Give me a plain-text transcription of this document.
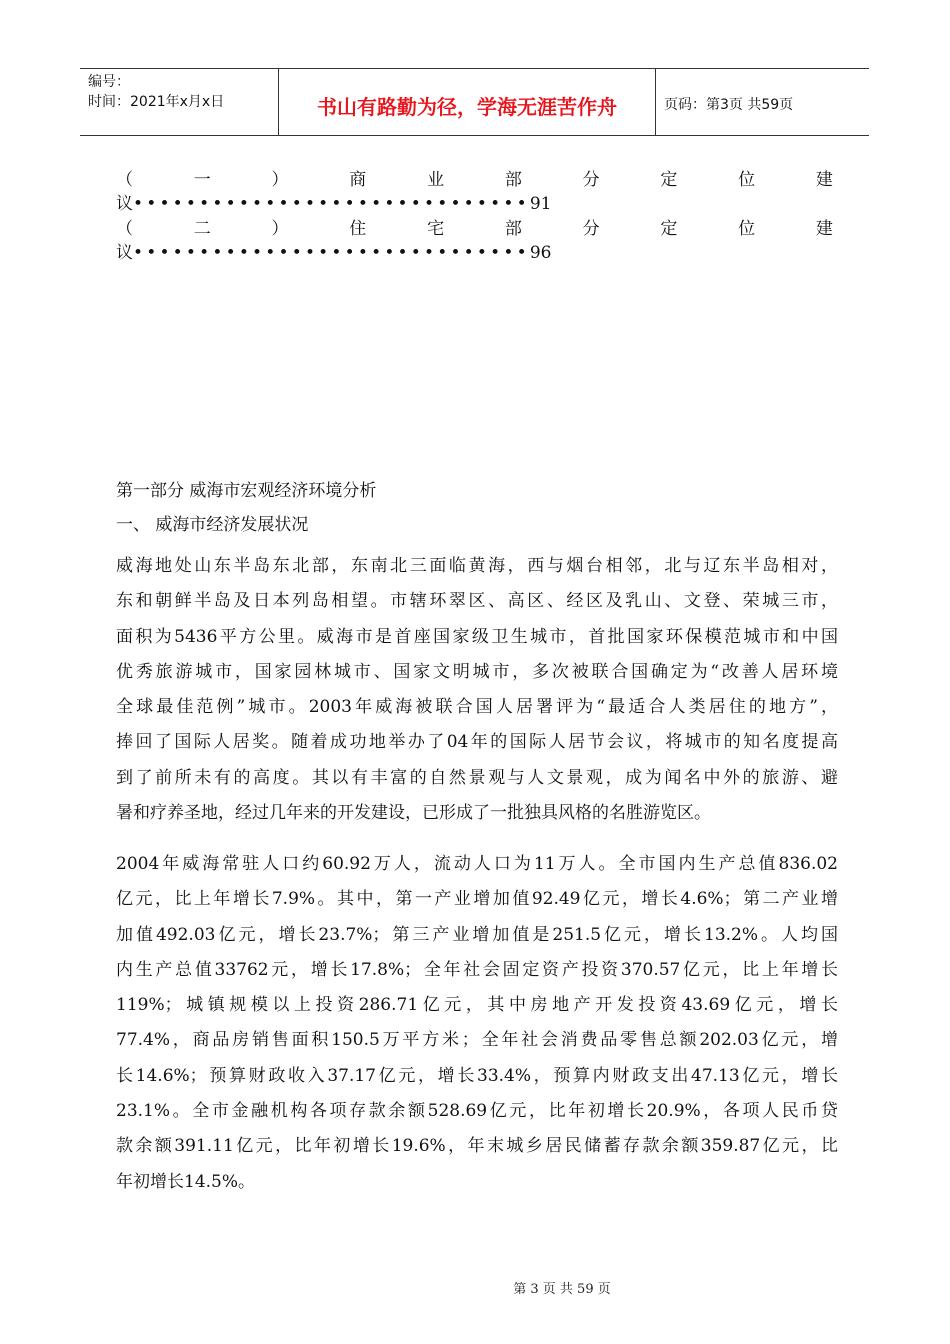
编号：
时间：2021年x月x日	书山有路勤为径，学海无涯苦作舟	页码：第3页 共59页
（	一	）	商	业	部	分	定	位	建
议••••••••••••••••••••••••••••••91
（	二	）	住	宅	部	分	定	位	建
议••••••••••••••••••••••••••••••96
第一部分 威海市宏观经济环境分析
一、 威海市经济发展状况
威海地处山东半岛东北部，东南北三面临黄海，西与烟台相邻，北与辽东半岛相对，
东和朝鲜半岛及日本列岛相望。市辖环翠区、高区、经区及乳山、文登、荣城三市，
面积为5436平方公里。威海市是首座国家级卫生城市，首批国家环保模范城市和中国
优秀旅游城市，国家园林城市、国家文明城市，多次被联合国确定为“改善人居环境
全球最佳范例”城市。2003年威海被联合国人居署评为“最适合人类居住的地方”，
捧回了国际人居奖。随着成功地举办了04年的国际人居节会议，将城市的知名度提高
到了前所未有的高度。其以有丰富的自然景观与人文景观，成为闻名中外的旅游、避
暑和疗养圣地，经过几年来的开发建设，已形成了一批独具风格的名胜游览区。
2004年威海常驻人口约60.92万人，流动人口为11万人。全市国内生产总值836.02
亿元，比上年增长7.9%。其中，第一产业增加值92.49亿元，增长4.6%；第二产业增
加值492.03亿元，增长23.7%；第三产业增加值是251.5亿元，增长13.2%。人均国
内生产总值33762元，增长17.8%；全年社会固定资产投资370.57亿元，比上年增长
119%；城镇规模以上投资286.71亿元，其中房地产开发投资43.69亿元，增长
77.4%，商品房销售面积150.5万平方米；全年社会消费品零售总额202.03亿元，增
长14.6%；预算财政收入37.17亿元，增长33.4%，预算内财政支出47.13亿元，增长
23.1%。全市金融机构各项存款余额528.69亿元，比年初增长20.9%，各项人民币贷
款余额391.11亿元，比年初增长19.6%，年末城乡居民储蓄存款余额359.87亿元，比
年初增长14.5%。
第 3 页 共 59 页
